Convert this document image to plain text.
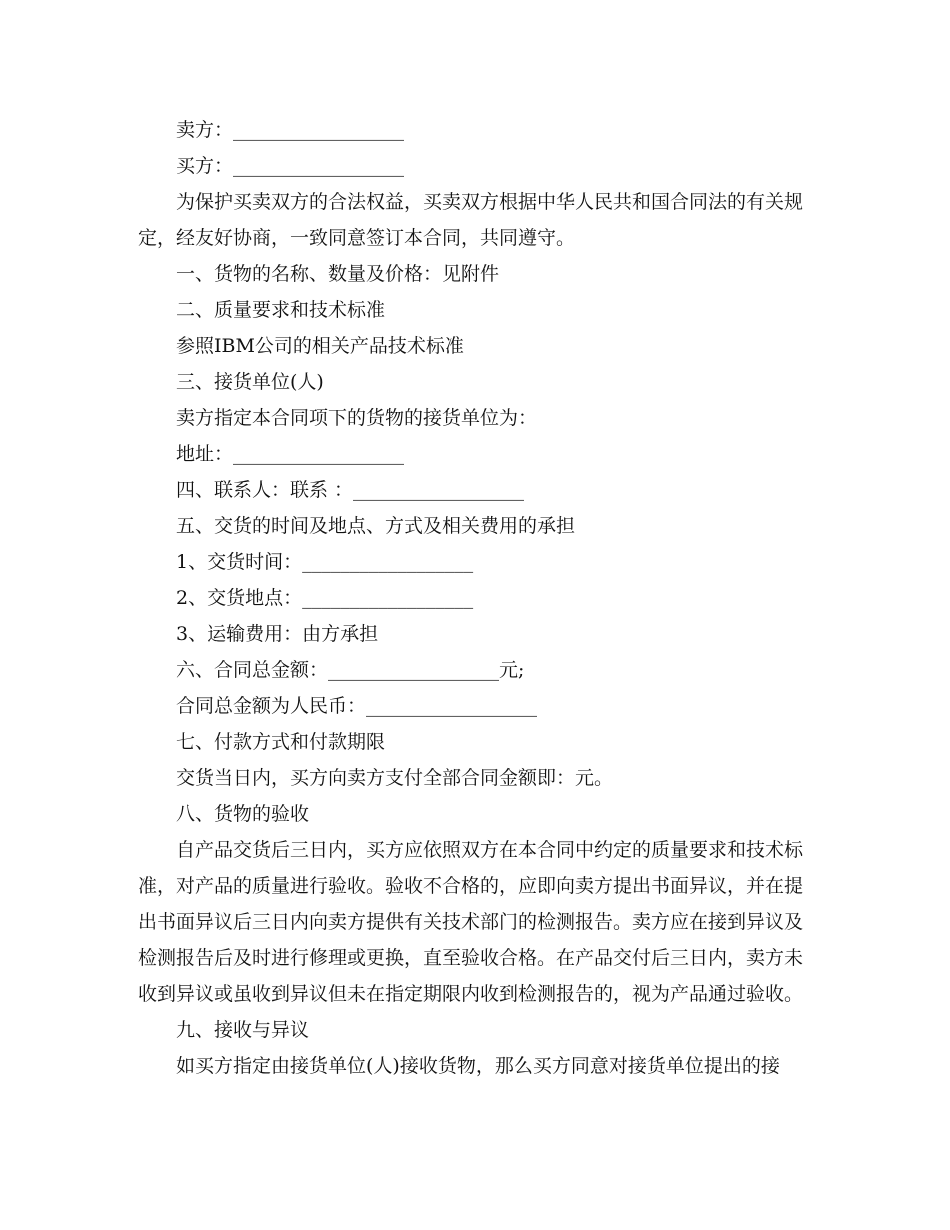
卖方：__________________

买方：__________________

为保护买卖双方的合法权益，买卖双方根据中华人民共和国合同法的有关规
定，经友好协商，一致同意签订本合同，共同遵守。

一、货物的名称、数量及价格：见附件

二、质量要求和技术标准

参照IBM公司的相关产品技术标准

三、接货单位(人)

卖方指定本合同项下的货物的接货单位为：

地址：__________________

四、联系人：联系 ：__________________

五、交货的时间及地点、方式及相关费用的承担

1、交货时间：__________________

2、交货地点：__________________

3、运输费用：由方承担

六、合同总金额：__________________元;

合同总金额为人民币：__________________

七、付款方式和付款期限

交货当日内，买方向卖方支付全部合同金额即：元。

八、货物的验收

自产品交货后三日内，买方应依照双方在本合同中约定的质量要求和技术标
准，对产品的质量进行验收。验收不合格的，应即向卖方提出书面异议，并在提
出书面异议后三日内向卖方提供有关技术部门的检测报告。卖方应在接到异议及
检测报告后及时进行修理或更换，直至验收合格。在产品交付后三日内，卖方未
收到异议或虽收到异议但未在指定期限内收到检测报告的，视为产品通过验收。

九、接收与异议

如买方指定由接货单位(人)接收货物，那么买方同意对接货单位提出的接
